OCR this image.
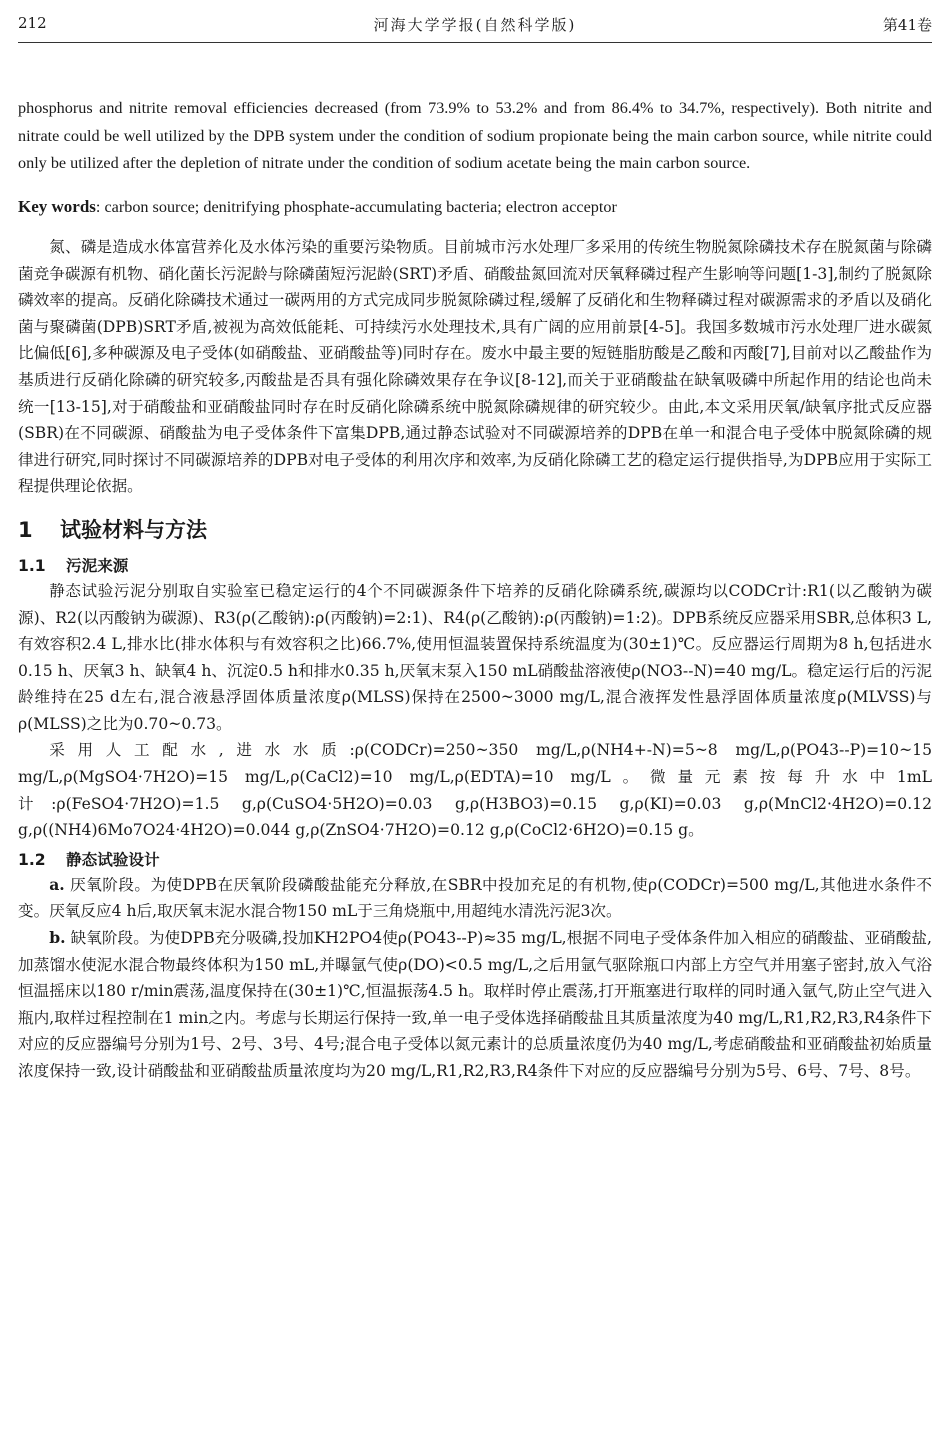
212	河海大学学报(自然科学版)	第41卷

phosphorus and nitrite removal efficiencies decreased (from 73.9% to 53.2% and from 86.4% to 34.7%, respectively). Both nitrite and nitrate could be well utilized by the DPB system under the condition of sodium propionate being the main carbon source, while nitrite could only be utilized after the depletion of nitrate under the condition of sodium acetate being the main carbon source.

Key words: carbon source; denitrifying phosphate-accumulating bacteria; electron acceptor

氮、磷是造成水体富营养化及水体污染的重要污染物质。目前城市污水处理厂多采用的传统生物脱氮除磷技术存在脱氮菌与除磷菌竞争碳源有机物、硝化菌长污泥龄与除磷菌短污泥龄(SRT)矛盾、硝酸盐氮回流对厌氧释磷过程产生影响等问题[1-3],制约了脱氮除磷效率的提高。反硝化除磷技术通过一碳两用的方式完成同步脱氮除磷过程,缓解了反硝化和生物释磷过程对碳源需求的矛盾以及硝化菌与聚磷菌(DPB)SRT矛盾,被视为高效低能耗、可持续污水处理技术,具有广阔的应用前景[4-5]。我国多数城市污水处理厂进水碳氮比偏低[6],多种碳源及电子受体(如硝酸盐、亚硝酸盐等)同时存在。废水中最主要的短链脂肪酸是乙酸和丙酸[7],目前对以乙酸盐作为基质进行反硝化除磷的研究较多,丙酸盐是否具有强化除磷效果存在争议[8-12],而关于亚硝酸盐在缺氧吸磷中所起作用的结论也尚未统一[13-15],对于硝酸盐和亚硝酸盐同时存在时反硝化除磷系统中脱氮除磷规律的研究较少。由此,本文采用厌氧/缺氧序批式反应器(SBR)在不同碳源、硝酸盐为电子受体条件下富集DPB,通过静态试验对不同碳源培养的DPB在单一和混合电子受体中脱氮除磷的规律进行研究,同时探讨不同碳源培养的DPB对电子受体的利用次序和效率,为反硝化除磷工艺的稳定运行提供指导,为DPB应用于实际工程提供理论依据。

1 试验材料与方法
1.1 污泥来源

静态试验污泥分别取自实验室已稳定运行的4个不同碳源条件下培养的反硝化除磷系统,碳源均以CODCr计:R1(以乙酸钠为碳源)、R2(以丙酸钠为碳源)、R3(ρ(乙酸钠):ρ(丙酸钠)=2:1)、R4(ρ(乙酸钠):ρ(丙酸钠)=1:2)。DPB系统反应器采用SBR,总体积3 L,有效容积2.4 L,排水比(排水体积与有效容积之比)66.7%,使用恒温装置保持系统温度为(30±1)℃。反应器运行周期为8 h,包括进水0.15 h、厌氧3 h、缺氧4 h、沉淀0.5 h和排水0.35 h,厌氧末泵入150 mL硝酸盐溶液使ρ(NO3--N)=40 mg/L。稳定运行后的污泥龄维持在25 d左右,混合液悬浮固体质量浓度ρ(MLSS)保持在2500~3000 mg/L,混合液挥发性悬浮固体质量浓度ρ(MLVSS)与ρ(MLSS)之比为0.70~0.73。

采用人工配水,进水水质:ρ(CODCr)=250~350 mg/L,ρ(NH4+-N)=5~8 mg/L,ρ(PO43--P)=10~15 mg/L,ρ(MgSO4·7H2O)=15 mg/L,ρ(CaCl2)=10 mg/L,ρ(EDTA)=10 mg/L。微量元素按每升水中1mL计:ρ(FeSO4·7H2O)=1.5 g,ρ(CuSO4·5H2O)=0.03 g,ρ(H3BO3)=0.15 g,ρ(KI)=0.03 g,ρ(MnCl2·4H2O)=0.12 g,ρ((NH4)6Mo7O24·4H2O)=0.044 g,ρ(ZnSO4·7H2O)=0.12 g,ρ(CoCl2·6H2O)=0.15 g。

1.2 静态试验设计

a. 厌氧阶段。为使DPB在厌氧阶段磷酸盐能充分释放,在SBR中投加充足的有机物,使ρ(CODCr)=500 mg/L,其他进水条件不变。厌氧反应4 h后,取厌氧末泥水混合物150 mL于三角烧瓶中,用超纯水清洗污泥3次。

b. 缺氧阶段。为使DPB充分吸磷,投加KH2PO4使ρ(PO43--P)≈35 mg/L,根据不同电子受体条件加入相应的硝酸盐、亚硝酸盐,加蒸馏水使泥水混合物最终体积为150 mL,并曝氩气使ρ(DO)<0.5 mg/L,之后用氩气驱除瓶口内部上方空气并用塞子密封,放入气浴恒温摇床以180 r/min震荡,温度保持在(30±1)℃,恒温振荡4.5 h。取样时停止震荡,打开瓶塞进行取样的同时通入氩气,防止空气进入瓶内,取样过程控制在1 min之内。考虑与长期运行保持一致,单一电子受体选择硝酸盐且其质量浓度为40 mg/L,R1,R2,R3,R4条件下对应的反应器编号分别为1号、2号、3号、4号;混合电子受体以氮元素计的总质量浓度仍为40 mg/L,考虑硝酸盐和亚硝酸盐初始质量浓度保持一致,设计硝酸盐和亚硝酸盐质量浓度均为20 mg/L,R1,R2,R3,R4条件下对应的反应器编号分别为5号、6号、7号、8号。
